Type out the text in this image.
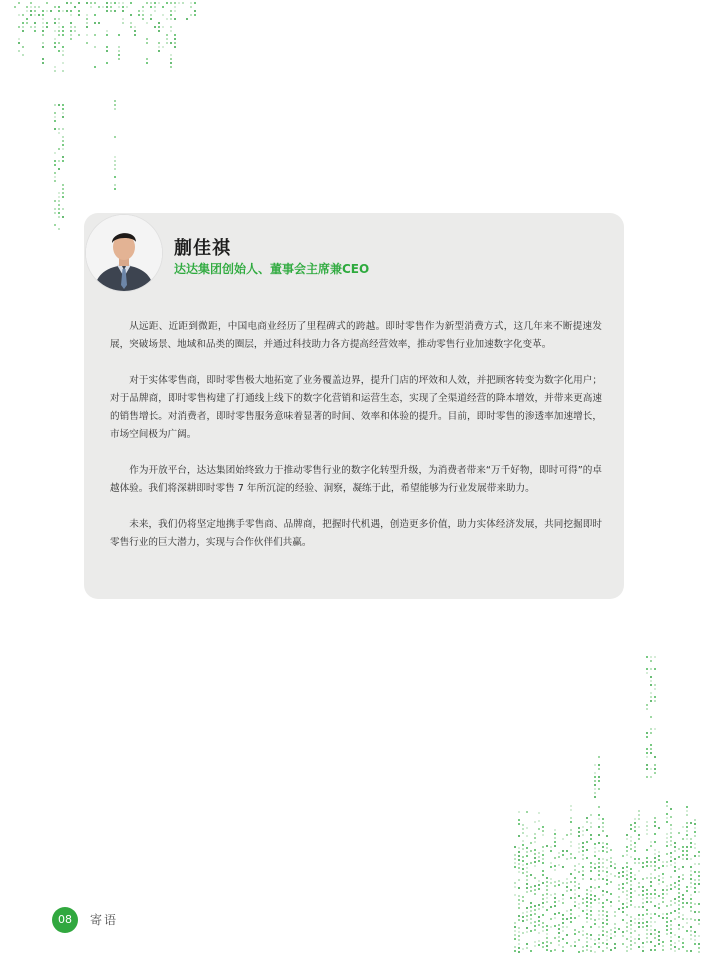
蒯佳祺
达达集团创始人、董事会主席兼CEO

从远距、近距到微距，中国电商业经历了里程碑式的跨越。即时零售作为新型消费方式，这几年来不断提速发展，突破场景、地域和品类的圈层，并通过科技助力各方提高经营效率，推动零售行业加速数字化变革。

对于实体零售商，即时零售极大地拓宽了业务覆盖边界，提升门店的坪效和人效，并把顾客转变为数字化用户；对于品牌商，即时零售构建了打通线上线下的数字化营销和运营生态，实现了全渠道经营的降本增效，并带来更高速的销售增长。对消费者，即时零售服务意味着显著的时间、效率和体验的提升。目前，即时零售的渗透率加速增长，市场空间极为广阔。

作为开放平台，达达集团始终致力于推动零售行业的数字化转型升级，为消费者带来“万千好物，即时可得”的卓越体验。我们将深耕即时零售 7 年所沉淀的经验、洞察，凝练于此，希望能够为行业发展带来助力。

未来，我们仍将坚定地携手零售商、品牌商，把握时代机遇，创造更多价值，助力实体经济发展，共同挖掘即时零售行业的巨大潜力，实现与合作伙伴们共赢。

08	寄语
